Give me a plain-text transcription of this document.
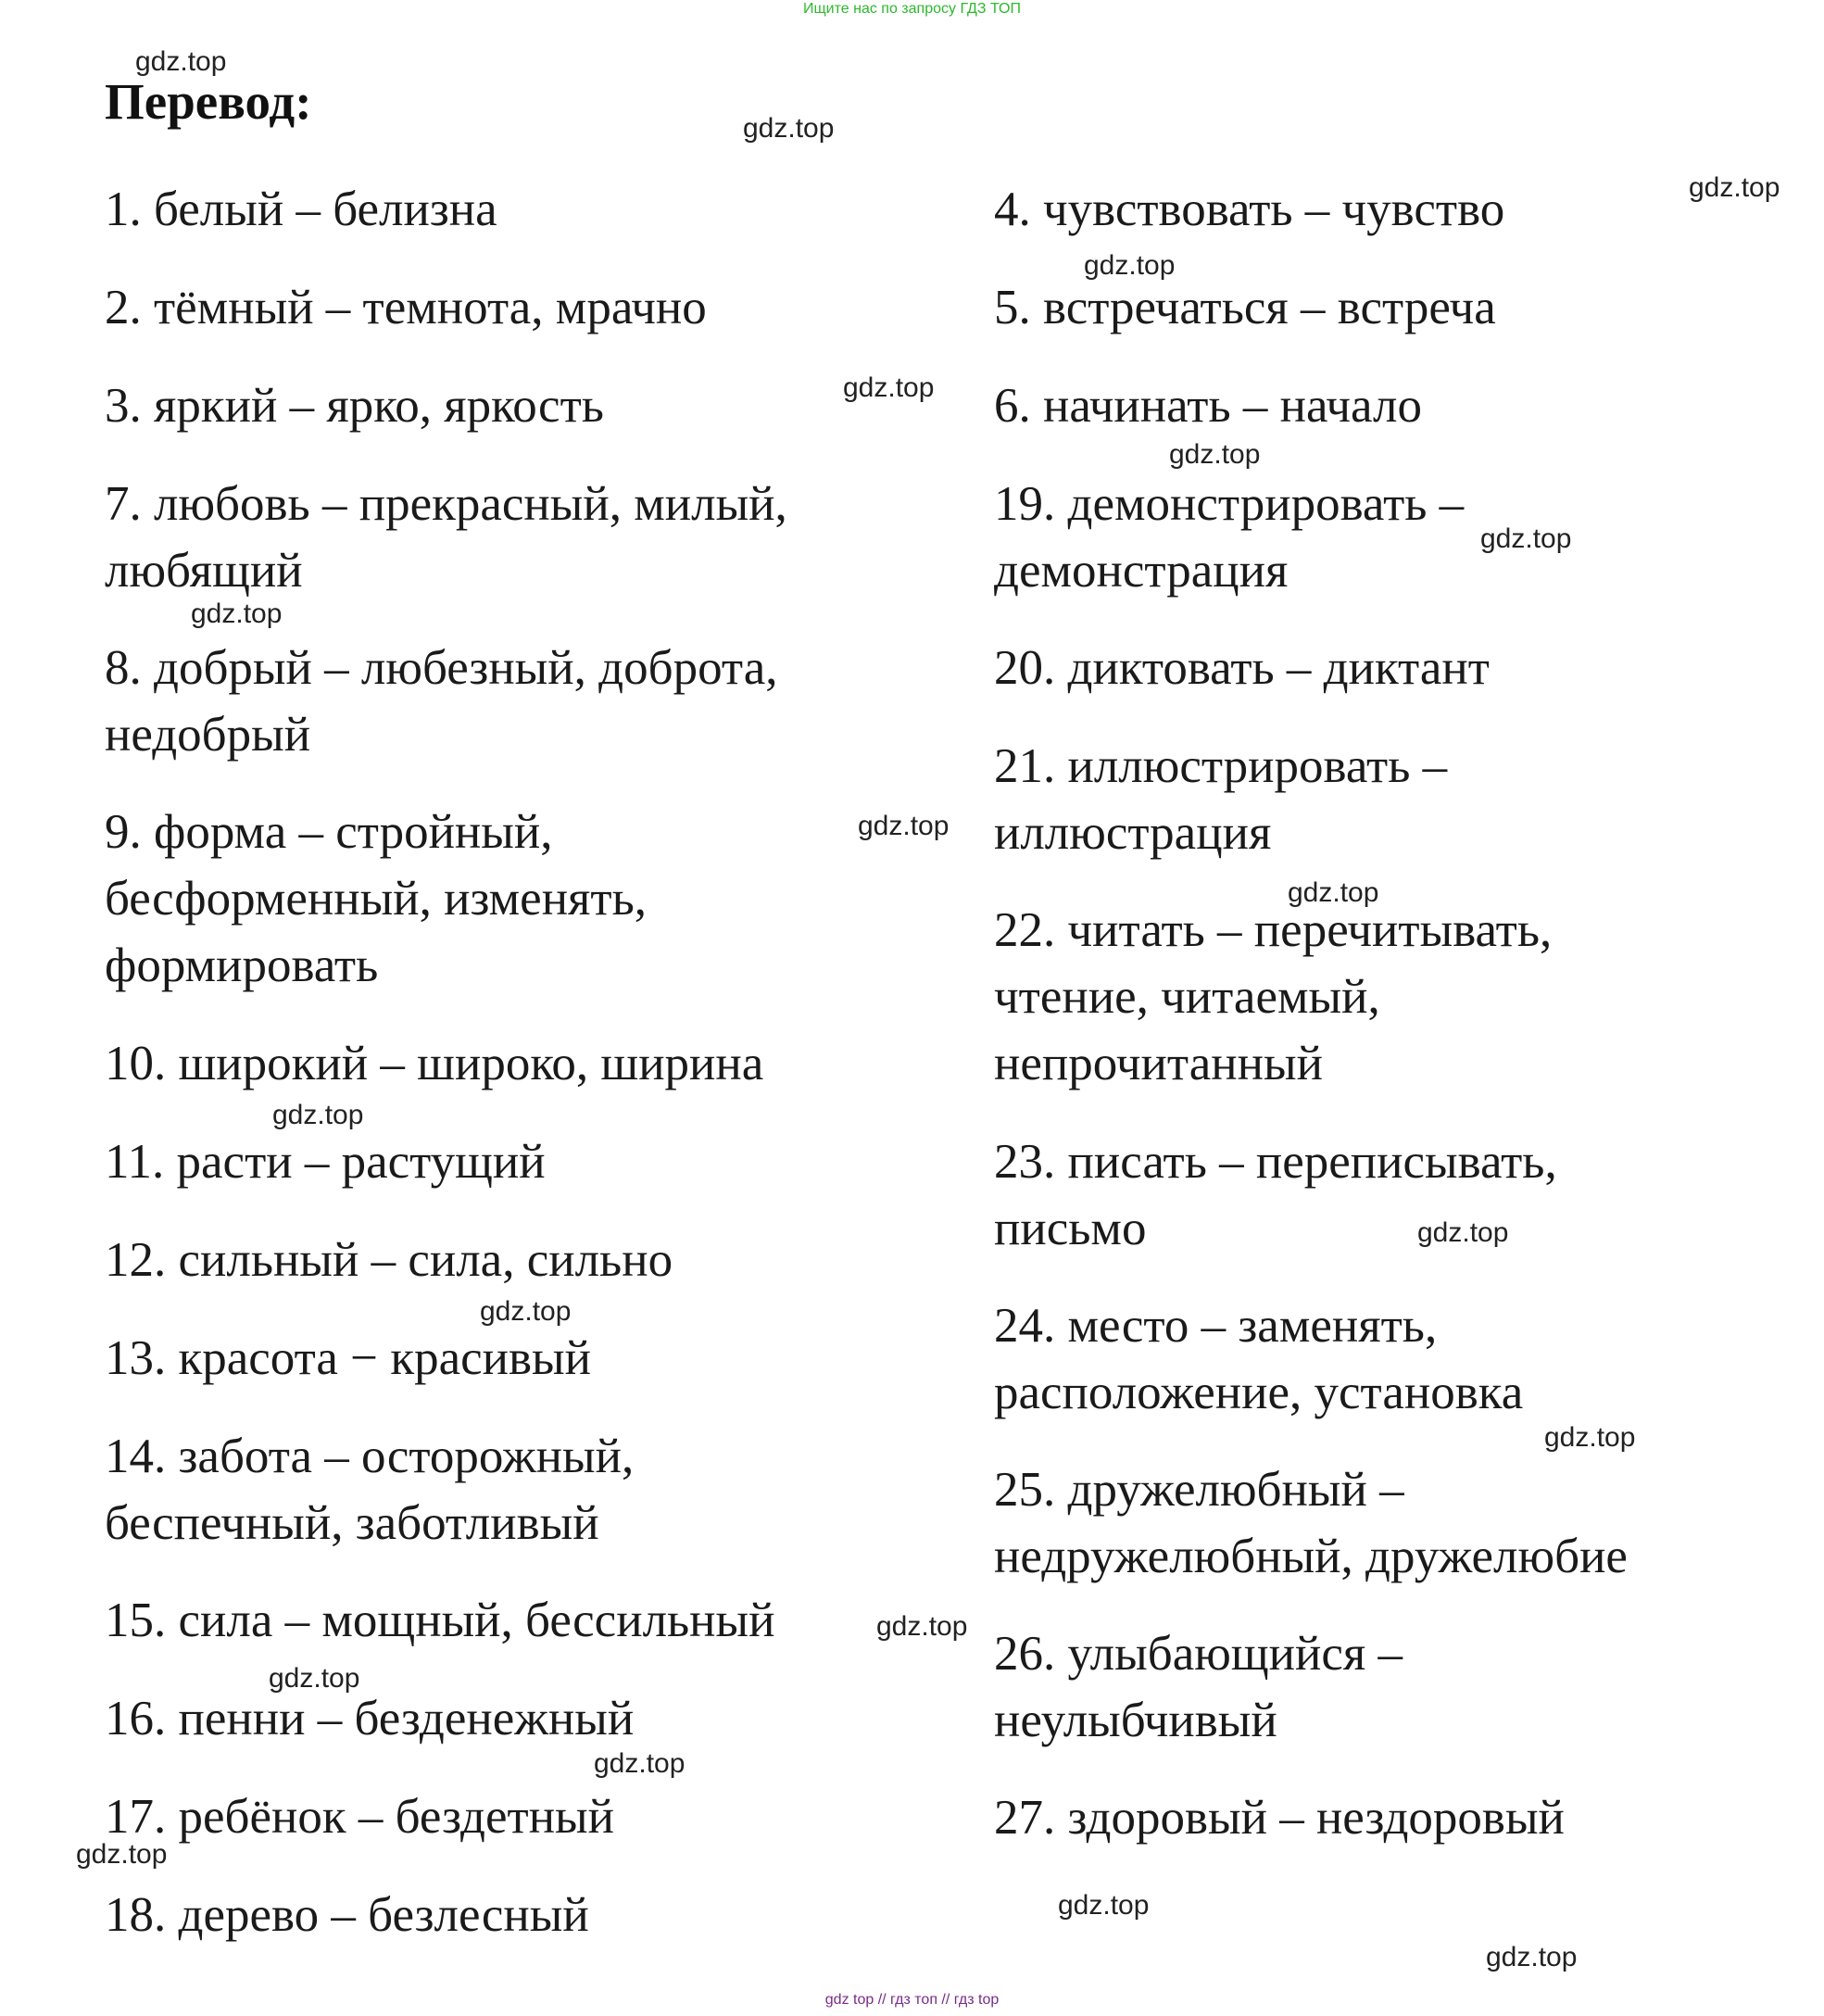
Ищите нас по запросу ГДЗ ТОП
Перевод:
1. белый – белизна
2. тёмный – темнота, мрачно
3. яркий – ярко, яркость
7. любовь – прекрасный, милый, любящий
8. добрый – любезный, доброта, недобрый
9. форма – стройный, бесформенный, изменять, формировать
10. широкий – широко, ширина
11. расти – растущий
12. сильный – сила, сильно
13. красота − красивый
14. забота – осторожный, беспечный, заботливый
15. сила – мощный, бессильный
16. пенни – безденежный
17. ребёнок – бездетный
18. дерево – безлесный
4. чувствовать – чувство
5. встречаться – встреча
6. начинать – начало
19. демонстрировать – демонстрация
20. диктовать – диктант
21. иллюстрировать – иллюстрация
22. читать – перечитывать, чтение, читаемый, непрочитанный
23. писать – переписывать, письмо
24. место – заменять, расположение, установка
25. дружелюбный – недружелюбный, дружелюбие
26. улыбающийся – неулыбчивый
27. здоровый – нездоровый
gdz.top
gdz.top
gdz.top
gdz.top
gdz.top
gdz.top
gdz.top
gdz.top
gdz.top
gdz.top
gdz.top
gdz.top
gdz.top
gdz.top
gdz.top
gdz.top
gdz.top
gdz.top
gdz.top
gdz.top
gdz top // гдз топ // гдз top
